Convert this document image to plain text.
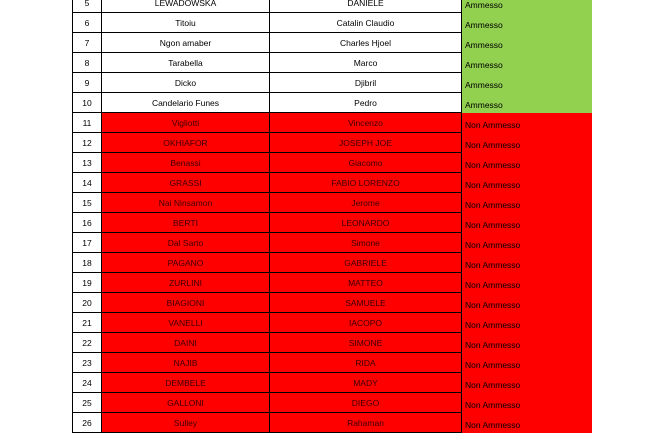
5	LEWADOWSKA	DANIELE	Ammesso
6	Titoiu	Catalin Claudio	Ammesso
7	Ngon amaber	Charles Hjoel	Ammesso
8	Tarabella	Marco	Ammesso
9	Dicko	Djibril	Ammesso
10	Candelario Funes	Pedro	Ammesso
11	Vigliotti	Vincenzo	Non Ammesso
12	OKHIAFOR	JOSEPH JOE	Non Ammesso
13	Benassi	Giacomo	Non Ammesso
14	GRASSI	FABIO LORENZO	Non Ammesso
15	Nai Ninsamon	Jerome	Non Ammesso
16	BERTI	LEONARDO	Non Ammesso
17	Dal Sarto	Simone	Non Ammesso
18	PAGANO	GABRIELE	Non Ammesso
19	ZURLINI	MATTEO	Non Ammesso
20	BIAGIONI	SAMUELE	Non Ammesso
21	VANELLI	IACOPO	Non Ammesso
22	DAINI	SIMONE	Non Ammesso
23	NAJIB	RIDA	Non Ammesso
24	DEMBELE	MADY	Non Ammesso
25	GALLONI	DIEGO	Non Ammesso
26	Sulley	Rahaman	Non Ammesso
